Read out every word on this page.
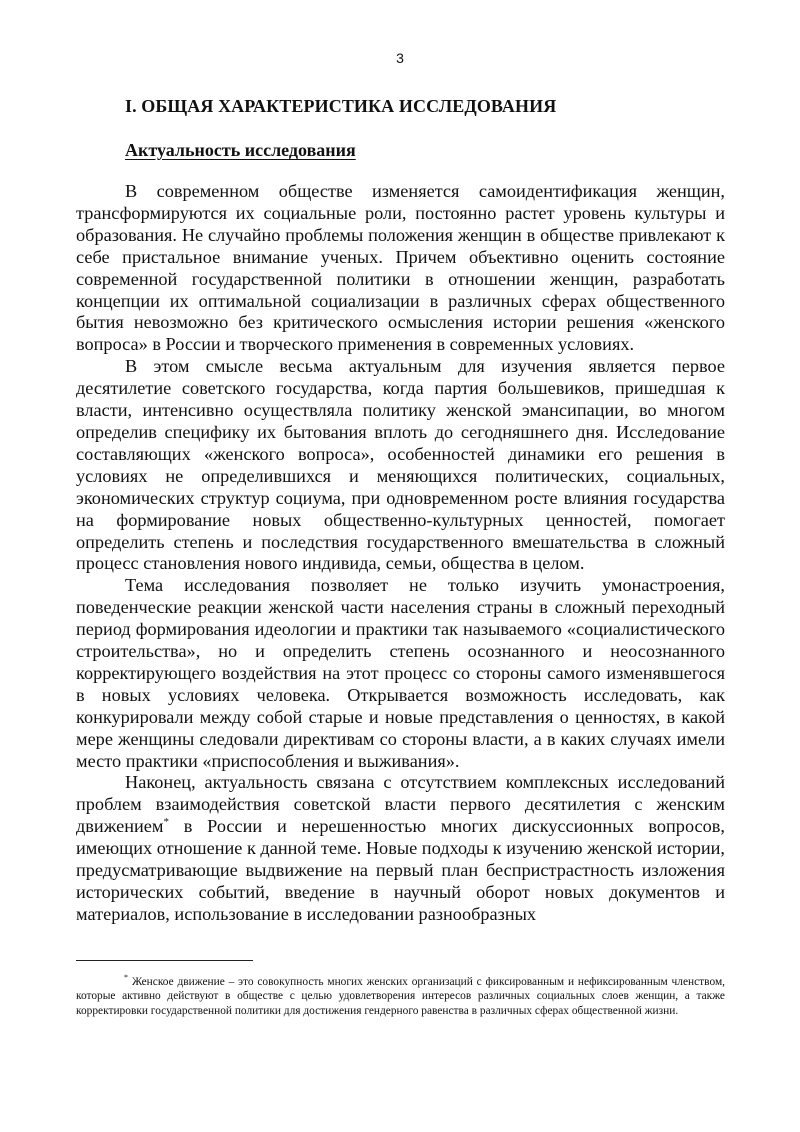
3
I. ОБЩАЯ ХАРАКТЕРИСТИКА ИССЛЕДОВАНИЯ
Актуальность исследования

В современном обществе изменяется самоидентификация женщин, трансформируются их социальные роли, постоянно растет уровень культуры и образования. Не случайно проблемы положения женщин в обществе привлекают к себе пристальное внимание ученых. Причем объективно оценить состояние современной государственной политики в отношении женщин, разработать концепции их оптимальной социализации в различных сферах общественного бытия невозможно без критического осмысления истории решения «женского вопроса» в России и творческого применения в современных условиях.

В этом смысле весьма актуальным для изучения является первое десятилетие советского государства, когда партия большевиков, пришедшая к власти, интенсивно осуществляла политику женской эмансипации, во многом определив специфику их бытования вплоть до сегодняшнего дня. Исследование составляющих «женского вопроса», особенностей динамики его решения в условиях не определившихся и меняющихся политических, социальных, экономических структур социума, при одновременном росте влияния государства на формирование новых общественно-культурных ценностей, помогает определить степень и последствия государственного вмешательства в сложный процесс становления нового индивида, семьи, общества в целом.

Тема исследования позволяет не только изучить умонастроения, поведенческие реакции женской части населения страны в сложный переходный период формирования идеологии и практики так называемого «социалистического строительства», но и определить степень осознанного и неосознанного корректирующего воздействия на этот процесс со стороны самого изменявшегося в новых условиях человека. Открывается возможность исследовать, как конкурировали между собой старые и новые представления о ценностях, в какой мере женщины следовали директивам со стороны власти, а в каких случаях имели место практики «приспособления и выживания».

Наконец, актуальность связана с отсутствием комплексных исследований проблем взаимодействия советской власти первого десятилетия с женским движением* в России и нерешенностью многих дискуссионных вопросов, имеющих отношение к данной теме. Новые подходы к изучению женской истории, предусматривающие выдвижение на первый план беспристрастность изложения исторических событий, введение в научный оборот новых документов и материалов, использование в исследовании разнообразных

* Женское движение – это совокупность многих женских организаций с фиксированным и нефиксированным членством, которые активно действуют в обществе с целью удовлетворения интересов различных социальных слоев женщин, а также корректировки государственной политики для достижения гендерного равенства в различных сферах общественной жизни.
